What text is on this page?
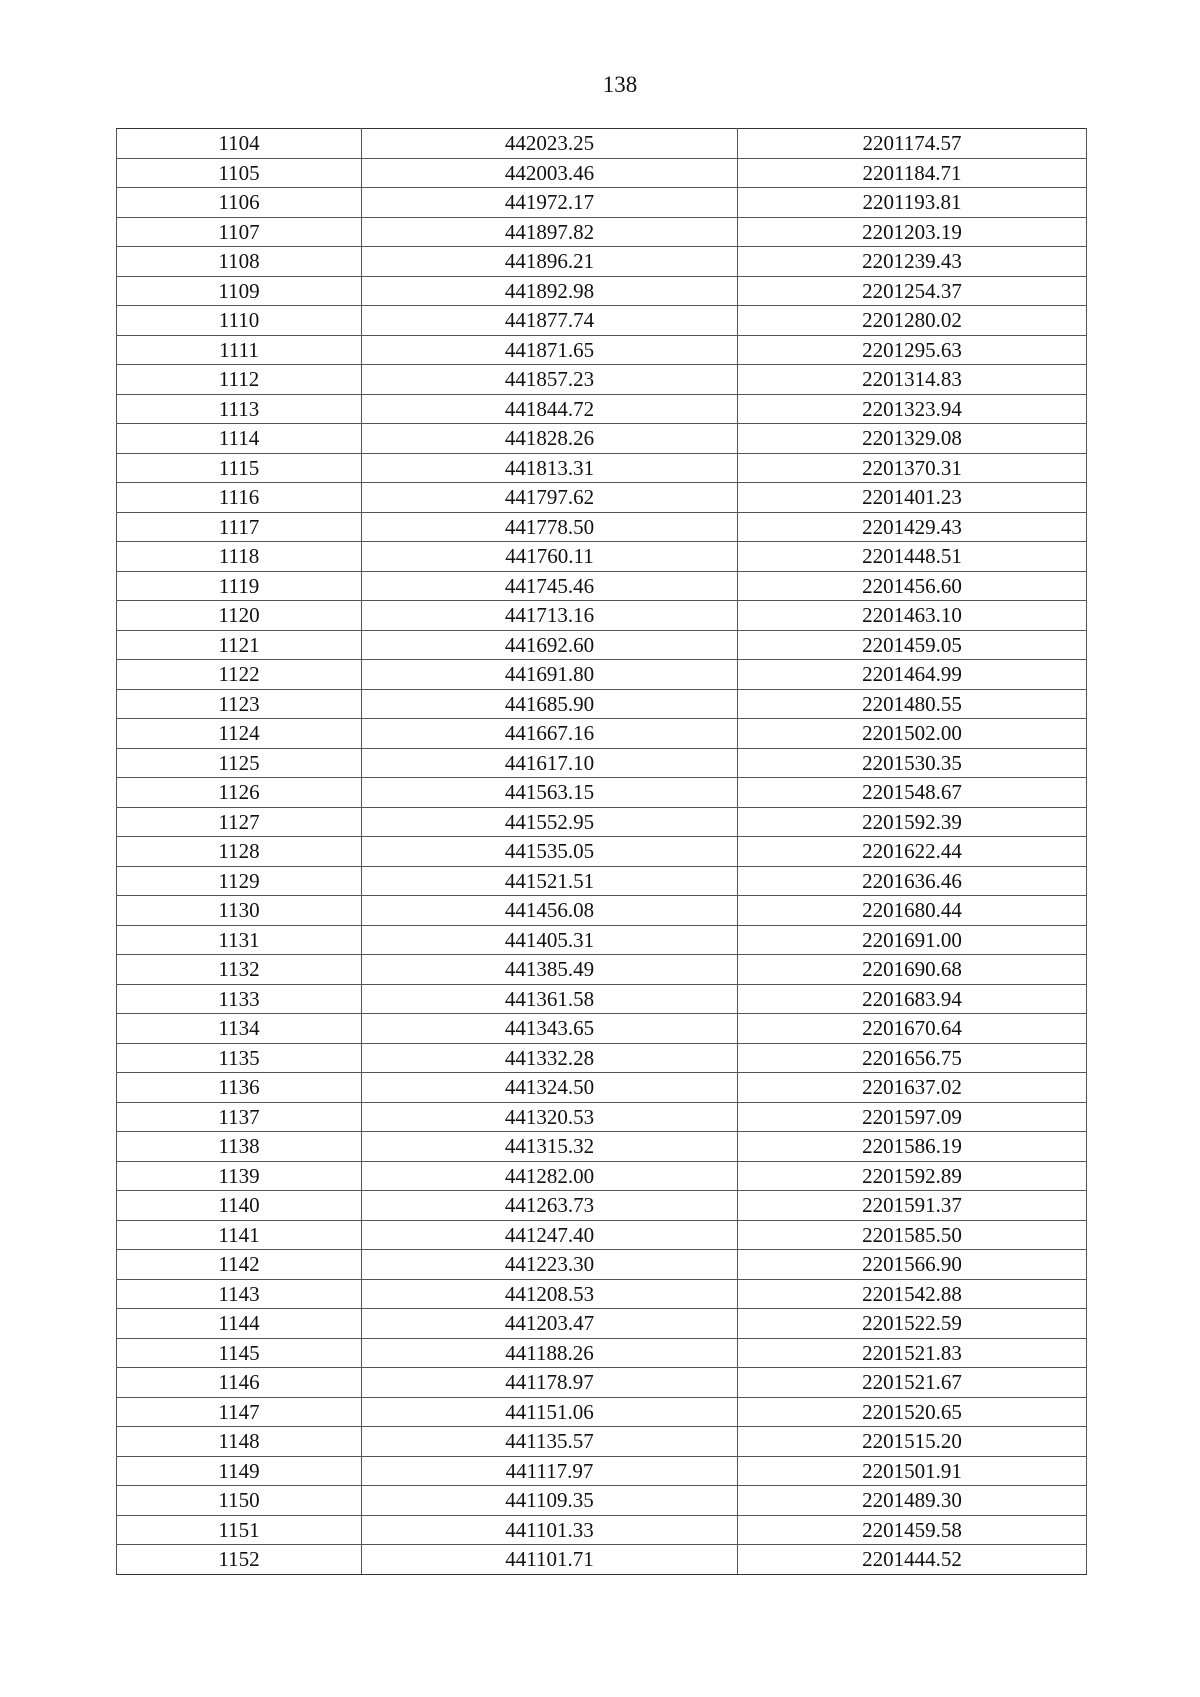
138
1104	442023.25	2201174.57
1105	442003.46	2201184.71
1106	441972.17	2201193.81
1107	441897.82	2201203.19
1108	441896.21	2201239.43
1109	441892.98	2201254.37
1110	441877.74	2201280.02
1111	441871.65	2201295.63
1112	441857.23	2201314.83
1113	441844.72	2201323.94
1114	441828.26	2201329.08
1115	441813.31	2201370.31
1116	441797.62	2201401.23
1117	441778.50	2201429.43
1118	441760.11	2201448.51
1119	441745.46	2201456.60
1120	441713.16	2201463.10
1121	441692.60	2201459.05
1122	441691.80	2201464.99
1123	441685.90	2201480.55
1124	441667.16	2201502.00
1125	441617.10	2201530.35
1126	441563.15	2201548.67
1127	441552.95	2201592.39
1128	441535.05	2201622.44
1129	441521.51	2201636.46
1130	441456.08	2201680.44
1131	441405.31	2201691.00
1132	441385.49	2201690.68
1133	441361.58	2201683.94
1134	441343.65	2201670.64
1135	441332.28	2201656.75
1136	441324.50	2201637.02
1137	441320.53	2201597.09
1138	441315.32	2201586.19
1139	441282.00	2201592.89
1140	441263.73	2201591.37
1141	441247.40	2201585.50
1142	441223.30	2201566.90
1143	441208.53	2201542.88
1144	441203.47	2201522.59
1145	441188.26	2201521.83
1146	441178.97	2201521.67
1147	441151.06	2201520.65
1148	441135.57	2201515.20
1149	441117.97	2201501.91
1150	441109.35	2201489.30
1151	441101.33	2201459.58
1152	441101.71	2201444.52
